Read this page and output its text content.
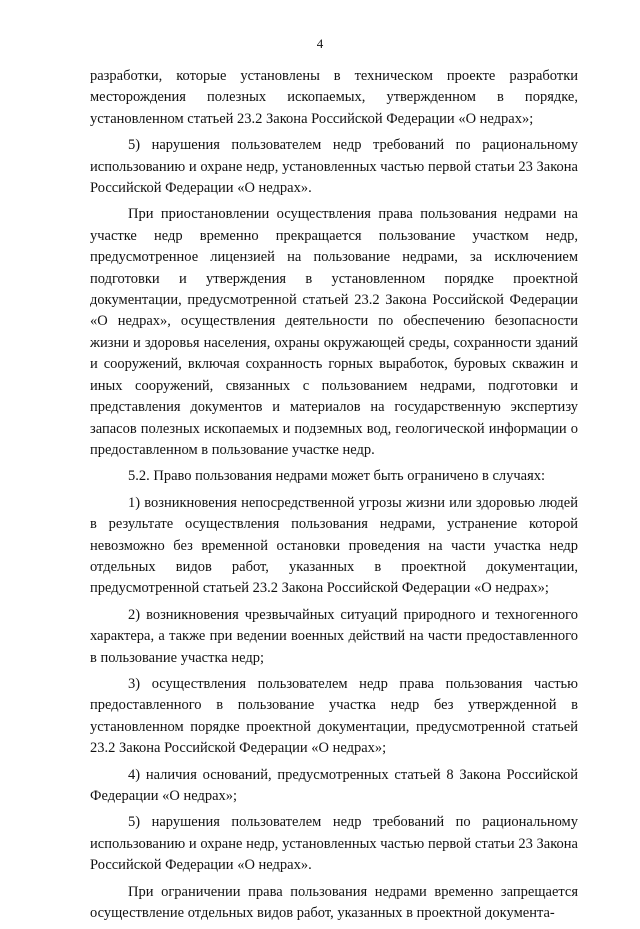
4

разработки, которые установлены в техническом проекте разработки месторождения полезных ископаемых, утвержденном в порядке, установленном статьей 23.2 Закона Российской Федерации «О недрах»;

5) нарушения пользователем недр требований по рациональному использованию и охране недр, установленных частью первой статьи 23 Закона Российской Федерации «О недрах».

При приостановлении осуществления права пользования недрами на участке недр временно прекращается пользование участком недр, предусмотренное лицензией на пользование недрами, за исключением подготовки и утверждения в установленном порядке проектной документации, предусмотренной статьей 23.2 Закона Российской Федерации «О недрах», осуществления деятельности по обеспечению безопасности жизни и здоровья населения, охраны окружающей среды, сохранности зданий и сооружений, включая сохранность горных выработок, буровых скважин и иных сооружений, связанных с пользованием недрами, подготовки и представления документов и материалов на государственную экспертизу запасов полезных ископаемых и подземных вод, геологической информации о предоставленном в пользование участке недр.

5.2. Право пользования недрами может быть ограничено в случаях:

1) возникновения непосредственной угрозы жизни или здоровью людей в результате осуществления пользования недрами, устранение которой невозможно без временной остановки проведения на части участка недр отдельных видов работ, указанных в проектной документации, предусмотренной статьей 23.2 Закона Российской Федерации «О недрах»;

2) возникновения чрезвычайных ситуаций природного и техногенного характера, а также при ведении военных действий на части предоставленного в пользование участка недр;

3) осуществления пользователем недр права пользования частью предоставленного в пользование участка недр без утвержденной в установленном порядке проектной документации, предусмотренной статьей 23.2 Закона Российской Федерации «О недрах»;

4) наличия оснований, предусмотренных статьей 8 Закона Российской Федерации «О недрах»;

5) нарушения пользователем недр требований по рациональному использованию и охране недр, установленных частью первой статьи 23 Закона Российской Федерации «О недрах».

При ограничении права пользования недрами временно запрещается осуществление отдельных видов работ, указанных в проектной документа-
